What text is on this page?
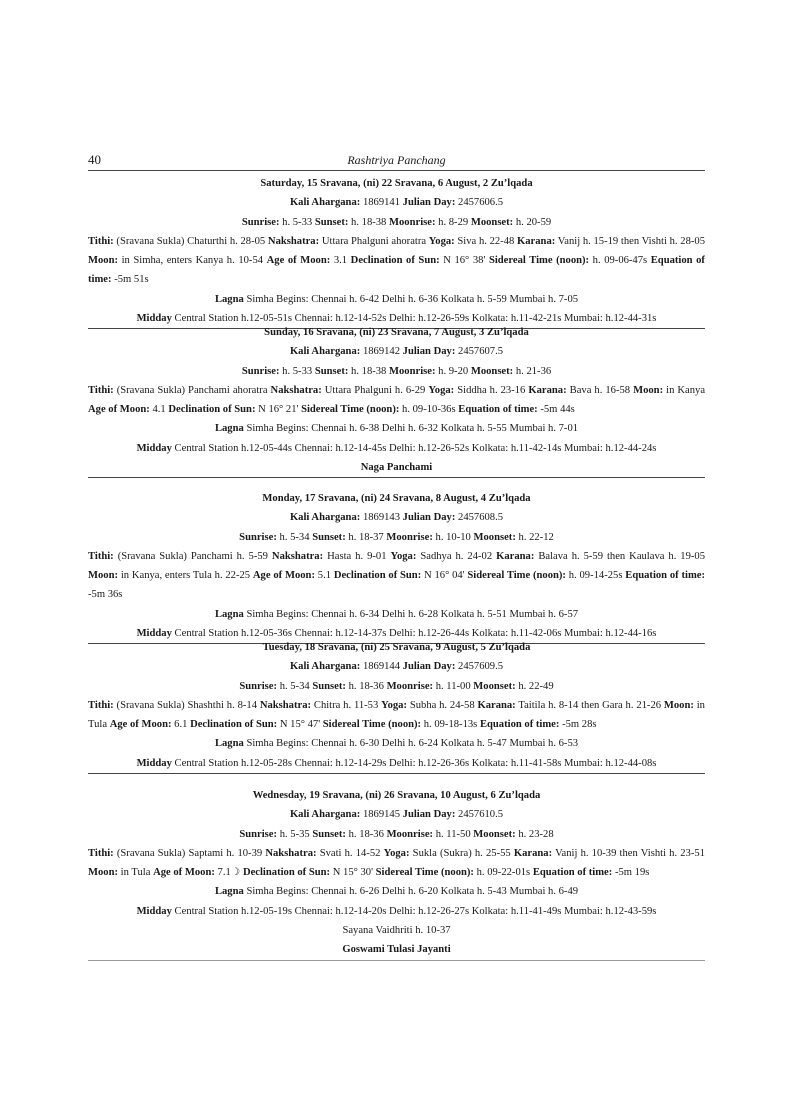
40	Rashtriya Panchang
Saturday, 15 Sravana, (ni) 22 Sravana, 6 August, 2 Zu’lqada
Kali Ahargana: 1869141 Julian Day: 2457606.5
Sunrise: h. 5-33 Sunset: h. 18-38 Moonrise: h. 8-29 Moonset: h. 20-59
Tithi: (Sravana Sukla) Chaturthi h. 28-05 Nakshatra: Uttara Phalguni ahoratra Yoga: Siva h. 22-48 Karana: Vanij h. 15-19 then Vishti h. 28-05 Moon: in Simha, enters Kanya h. 10-54 Age of Moon: 3.1 Declination of Sun: N 16° 38' Sidereal Time (noon): h. 09-06-47s Equation of time: -5m 51s
Lagna Simha Begins: Chennai h. 6-42 Delhi h. 6-36 Kolkata h. 5-59 Mumbai h. 7-05
Midday Central Station h.12-05-51s Chennai: h.12-14-52s Delhi: h.12-26-59s Kolkata: h.11-42-21s Mumbai: h.12-44-31s
Sunday, 16 Sravana, (ni) 23 Sravana, 7 August, 3 Zu’lqada
Kali Ahargana: 1869142 Julian Day: 2457607.5
Sunrise: h. 5-33 Sunset: h. 18-38 Moonrise: h. 9-20 Moonset: h. 21-36
Tithi: (Sravana Sukla) Panchami ahoratra Nakshatra: Uttara Phalguni h. 6-29 Yoga: Siddha h. 23-16 Karana: Bava h. 16-58 Moon: in Kanya Age of Moon: 4.1 Declination of Sun: N 16° 21' Sidereal Time (noon): h. 09-10-36s Equation of time: -5m 44s
Lagna Simha Begins: Chennai h. 6-38 Delhi h. 6-32 Kolkata h. 5-55 Mumbai h. 7-01
Midday Central Station h.12-05-44s Chennai: h.12-14-45s Delhi: h.12-26-52s Kolkata: h.11-42-14s Mumbai: h.12-44-24s
Naga Panchami
Monday, 17 Sravana, (ni) 24 Sravana, 8 August, 4 Zu’lqada
Kali Ahargana: 1869143 Julian Day: 2457608.5
Sunrise: h. 5-34 Sunset: h. 18-37 Moonrise: h. 10-10 Moonset: h. 22-12
Tithi: (Sravana Sukla) Panchami h. 5-59 Nakshatra: Hasta h. 9-01 Yoga: Sadhya h. 24-02 Karana: Balava h. 5-59 then Kaulava h. 19-05 Moon: in Kanya, enters Tula h. 22-25 Age of Moon: 5.1 Declination of Sun: N 16° 04' Sidereal Time (noon): h. 09-14-25s Equation of time: -5m 36s
Lagna Simha Begins: Chennai h. 6-34 Delhi h. 6-28 Kolkata h. 5-51 Mumbai h. 6-57
Midday Central Station h.12-05-36s Chennai: h.12-14-37s Delhi: h.12-26-44s Kolkata: h.11-42-06s Mumbai: h.12-44-16s
Tuesday, 18 Sravana, (ni) 25 Sravana, 9 August, 5 Zu’lqada
Kali Ahargana: 1869144 Julian Day: 2457609.5
Sunrise: h. 5-34 Sunset: h. 18-36 Moonrise: h. 11-00 Moonset: h. 22-49
Tithi: (Sravana Sukla) Shashthi h. 8-14 Nakshatra: Chitra h. 11-53 Yoga: Subha h. 24-58 Karana: Taitila h. 8-14 then Gara h. 21-26 Moon: in Tula Age of Moon: 6.1 Declination of Sun: N 15° 47' Sidereal Time (noon): h. 09-18-13s Equation of time: -5m 28s
Lagna Simha Begins: Chennai h. 6-30 Delhi h. 6-24 Kolkata h. 5-47 Mumbai h. 6-53
Midday Central Station h.12-05-28s Chennai: h.12-14-29s Delhi: h.12-26-36s Kolkata: h.11-41-58s Mumbai: h.12-44-08s
Wednesday, 19 Sravana, (ni) 26 Sravana, 10 August, 6 Zu’lqada
Kali Ahargana: 1869145 Julian Day: 2457610.5
Sunrise: h. 5-35 Sunset: h. 18-36 Moonrise: h. 11-50 Moonset: h. 23-28
Tithi: (Sravana Sukla) Saptami h. 10-39 Nakshatra: Svati h. 14-52 Yoga: Sukla (Sukra) h. 25-55 Karana: Vanij h. 10-39 then Vishti h. 23-51 Moon: in Tula Age of Moon: 7.1☽ Declination of Sun: N 15° 30' Sidereal Time (noon): h. 09-22-01s Equation of time: -5m 19s
Lagna Simha Begins: Chennai h. 6-26 Delhi h. 6-20 Kolkata h. 5-43 Mumbai h. 6-49
Midday Central Station h.12-05-19s Chennai: h.12-14-20s Delhi: h.12-26-27s Kolkata: h.11-41-49s Mumbai: h.12-43-59s
Sayana Vaidhriti h. 10-37
Goswami Tulasi Jayanti
